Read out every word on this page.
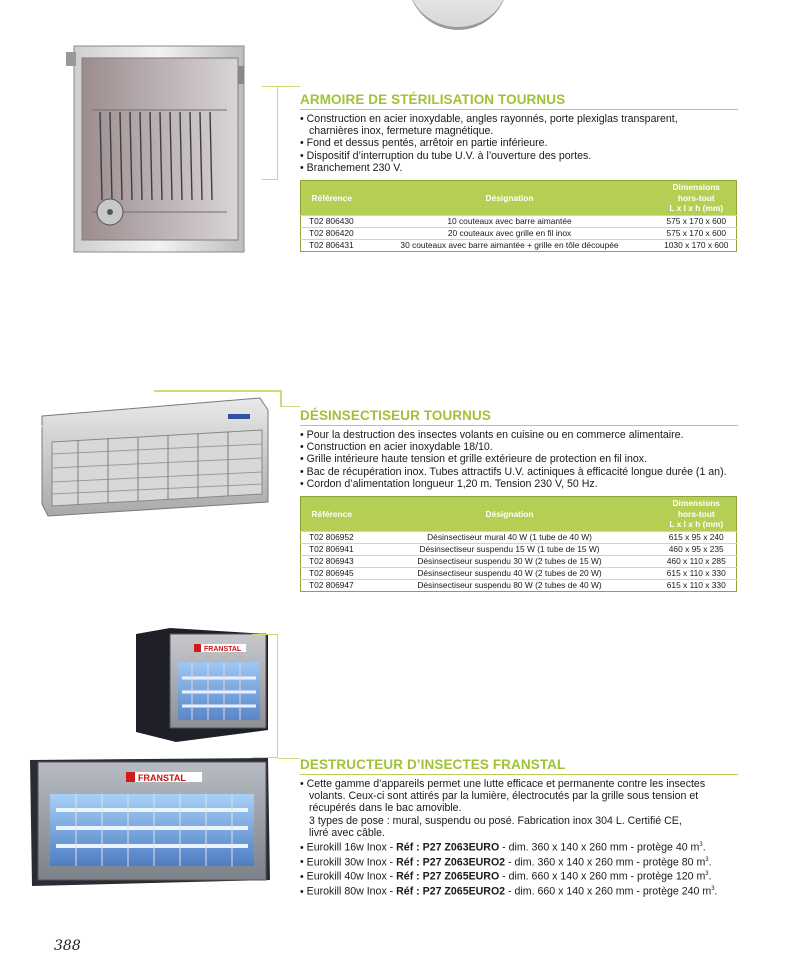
ARMOIRE DE STÉRILISATION TOURNUS
• Construction en acier inoxydable, angles rayonnés, porte plexiglas transparent,
charnières inox, fermeture magnétique.
• Fond et dessus pentés, arrêtoir en partie inférieure.
• Dispositif d’interruption du tube U.V. à l’ouverture des portes.
• Branchement 230 V.
Référence	Désignation	Dimensions
hors-tout
L x l x h (mm)

T02 806430	10 couteaux avec barre aimantée	575 x 170 x 600
T02 806420	20 couteaux avec grille en fil inox	575 x 170 x 600
T02 806431	30 couteaux avec barre aimantée + grille en tôle découpée	1030 x 170 x 600
DÉSINSECTISEUR TOURNUS
• Pour la destruction des insectes volants en cuisine ou en commerce alimentaire.
• Construction en acier inoxydable 18/10.
• Grille intérieure haute tension et grille extérieure de protection en fil inox.
• Bac de récupération inox. Tubes attractifs U.V. actiniques à efficacité longue durée (1 an).
• Cordon d’alimentation longueur 1,20 m. Tension 230 V, 50 Hz.
Référence	Désignation	Dimensions
hors-tout
L x l x h (mm)

T02 806952	Désinsectiseur mural 40 W (1 tube de 40 W)	615 x 95 x 240
T02 806941	Désinsectiseur suspendu 15 W (1 tube de 15 W)	460 x 95 x 235
T02 806943	Désinsectiseur suspendu 30 W (2 tubes de 15 W)	460 x 110 x 285
T02 806945	Désinsectiseur suspendu 40 W (2 tubes de 20 W)	615 x 110 x 330
T02 806947	Désinsectiseur suspendu 80 W (2 tubes de 40 W)	615 x 110 x 330
FRANSTAL
FRANSTAL
DESTRUCTEUR D’INSECTES FRANSTAL
• Cette gamme d’appareils permet une lutte efficace et permanente contre les insectes
volants. Ceux-ci sont attirés par la lumière, électrocutés par la grille sous tension et
récupérés dans le bac amovible.
3 types de pose : mural, suspendu ou posé. Fabrication inox 304 L. Certifié CE,
livré avec câble.
• Eurokill 16w Inox - Réf : P27 Z063EURO - dim. 360 x 140 x 260 mm - protège 40 $m^3$.
• Eurokill 30w Inox - Réf : P27 Z063EURO2 - dim. 360 x 140 x 260 mm - protège 80 $m^3$.
• Eurokill 40w Inox - Réf : P27 Z065EURO - dim. 660 x 140 x 260 mm - protège 120 $m^3$.
• Eurokill 80w Inox - Réf : P27 Z065EURO2 - dim. 660 x 140 x 260 mm - protège 240 $m^3$.
388
